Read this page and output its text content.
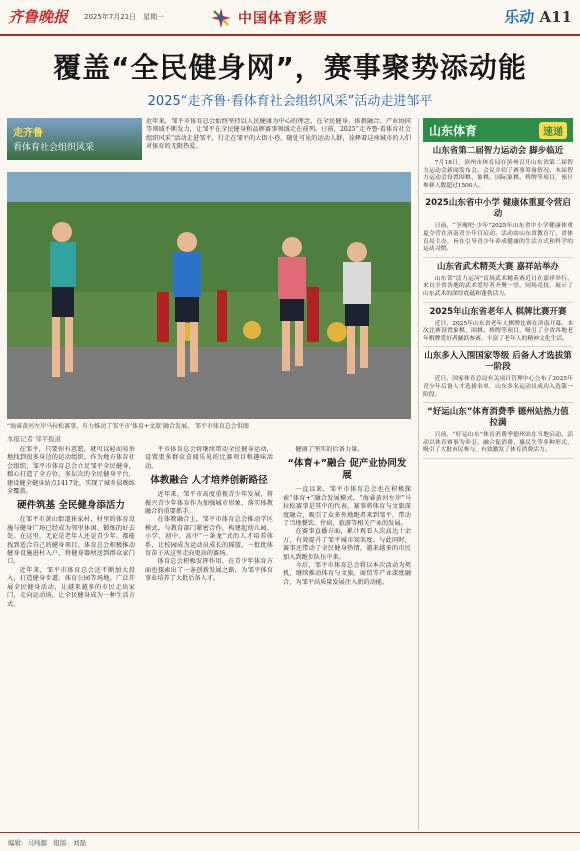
齐鲁晚报 2025年7月21日　星期一	中国体育彩票	乐动 A11
覆盖“全民健身网”，赛事聚势添动能
2025“走齐鲁·看体育社会组织风采”活动走进邹平
走齐鲁
看体育社会组织风采
近年来，邹平市体育总会始终坚持以人民健康为中心的理念，在全民健身、体教融合、产业协同等领域不断发力，让邹平在全民健身和品牌赛事领域走在前列。日前，2025“走齐鲁·看体育社会组织风采”活动走进邹平，行走在邹平的大街小巷，随处可见的运动人群，诠释着这座城市的人们对体育的无限热爱。
“海睿黄河左岸马拉松赛事，有力推动了邹平市‘体育+文旅’融合发展。 邹平市体育总会供图
本报记者 邹平报道

在邹平，只要你有意愿，就可以轻而易举地找到很多身边的运动组织。作为地方体育社会组织，邹平市体育总会立足邹平全民健身，精心打造了全方位、多层次的全民健身平台，建设健全健身站点1417处，实现了城乡晨晚练全覆盖。

硬件筑基 全民健身添活力

在邹平市黄山街道崔家村，村里的体育设施与健身广场已经成为邻里休闲、锻炼的好去处。在这里，无论是老年人还是青少年，都能找到适合自己的健身项目。体育总会积极推动健身设施进村入户，将健身器材送到群众家门口。

近年来，邹平市体育总会还不断加大投入，打造健身步道、体育公园等场地，广泛开展全民健身活动，让越来越多的市民走出家门，走向运动场，让全民健身成为一种生活方式。

平市体育总会将继续带动全民健身运动，设置更多群众喜闻乐见的比赛项目和趣味活动。

体教融合 人才培养创新路径

近年来，邹平市高度重视青少年发展，将振兴青少年体育作为加强城市形象、落实体教融合的重要抓手。

在体教融合上，邹平市体育总会推动学区模式，与教育部门紧密合作，构建起幼儿园、小学、初中、高中“一条龙”式的人才培养体系，让校园成为运动员成长的摇篮，一批批体育苗子从这里走向更高的赛场。

体育总会积极发挥作用，在青少年体育方面也探索出了一条创新发展之路，为邹平体育事业培养了大批后备人才。

健康了坚实的后备力量。

“体育+”融合 促产业协同发展

一直以来，邹平市体育总会也在积极探索“体育+”融合发展模式。“海睿黄河左岸”马拉松赛事是其中的代表，赛事将体育与文旅深度融合，吸引了众多外地跑者来到邹平，带动了当地餐饮、住宿、旅游等相关产业的发展。

在赛事直播方面，累计观看人次高达十余万，有效提升了邹平城市知名度。与此同时，赛事还带动了全民健身热情，越来越多的市民加入到跑步队伍中来。

今后，邹平市体育总会将以本次活动为契机，继续推动体育与文旅、商贸等产业深度融合，为邹平高质量发展注入新的动能。

山东体育	速递
山东省第二届智力运动会 脚步临近

7月18日，滨州市体育局在滨州召开山东省第二届智力运动会新闻发布会。会议介绍了赛事筹备情况。本届智力运动会设置围棋、象棋、国际象棋、桥牌等项目，预计参赛人数超过1500人。

2025山东省中小学 健康体重夏令营启动

日前，“享瘦吧·少年”2025年山东省中小学健康体重夏令营在济南青少年宫启动。活动由山东省教育厅、省体育局主办，旨在引导青少年养成健康的生活方式和科学的运动习惯。

山东省武术精英大赛 嘉祥站举办

山东省“活力运河”首场武术精英赛近日在嘉祥举行。来自全省各地的武术爱好者齐聚一堂，同场竞技，展示了山东武术的深厚底蕴和蓬勃活力。

2025年山东省老年人 棋牌比赛开赛

近日，2025年山东省老年人棋牌比赛在济南开幕。本次比赛设置象棋、围棋、桥牌等项目，吸引了全省各地老年棋牌爱好者踊跃参赛，丰富了老年人的精神文化生活。

山东多人入围国家等级 后备人才选拔第一阶段

近日，国家体育总局有关项目管理中心公布了2025年青少年后备人才选拔名单，山东多名运动员成功入选第一阶段。

“好运山东”体育消费季 德州站热力值拉满

日前，“好运山东”体育消费季德州站在当地启动。活动以体育赛事为牵引，融合促消费、惠民生等多种形式，吸引了大批市民参与，有效激发了体育消费活力。

编辑：马纯源　组版：刘磊
